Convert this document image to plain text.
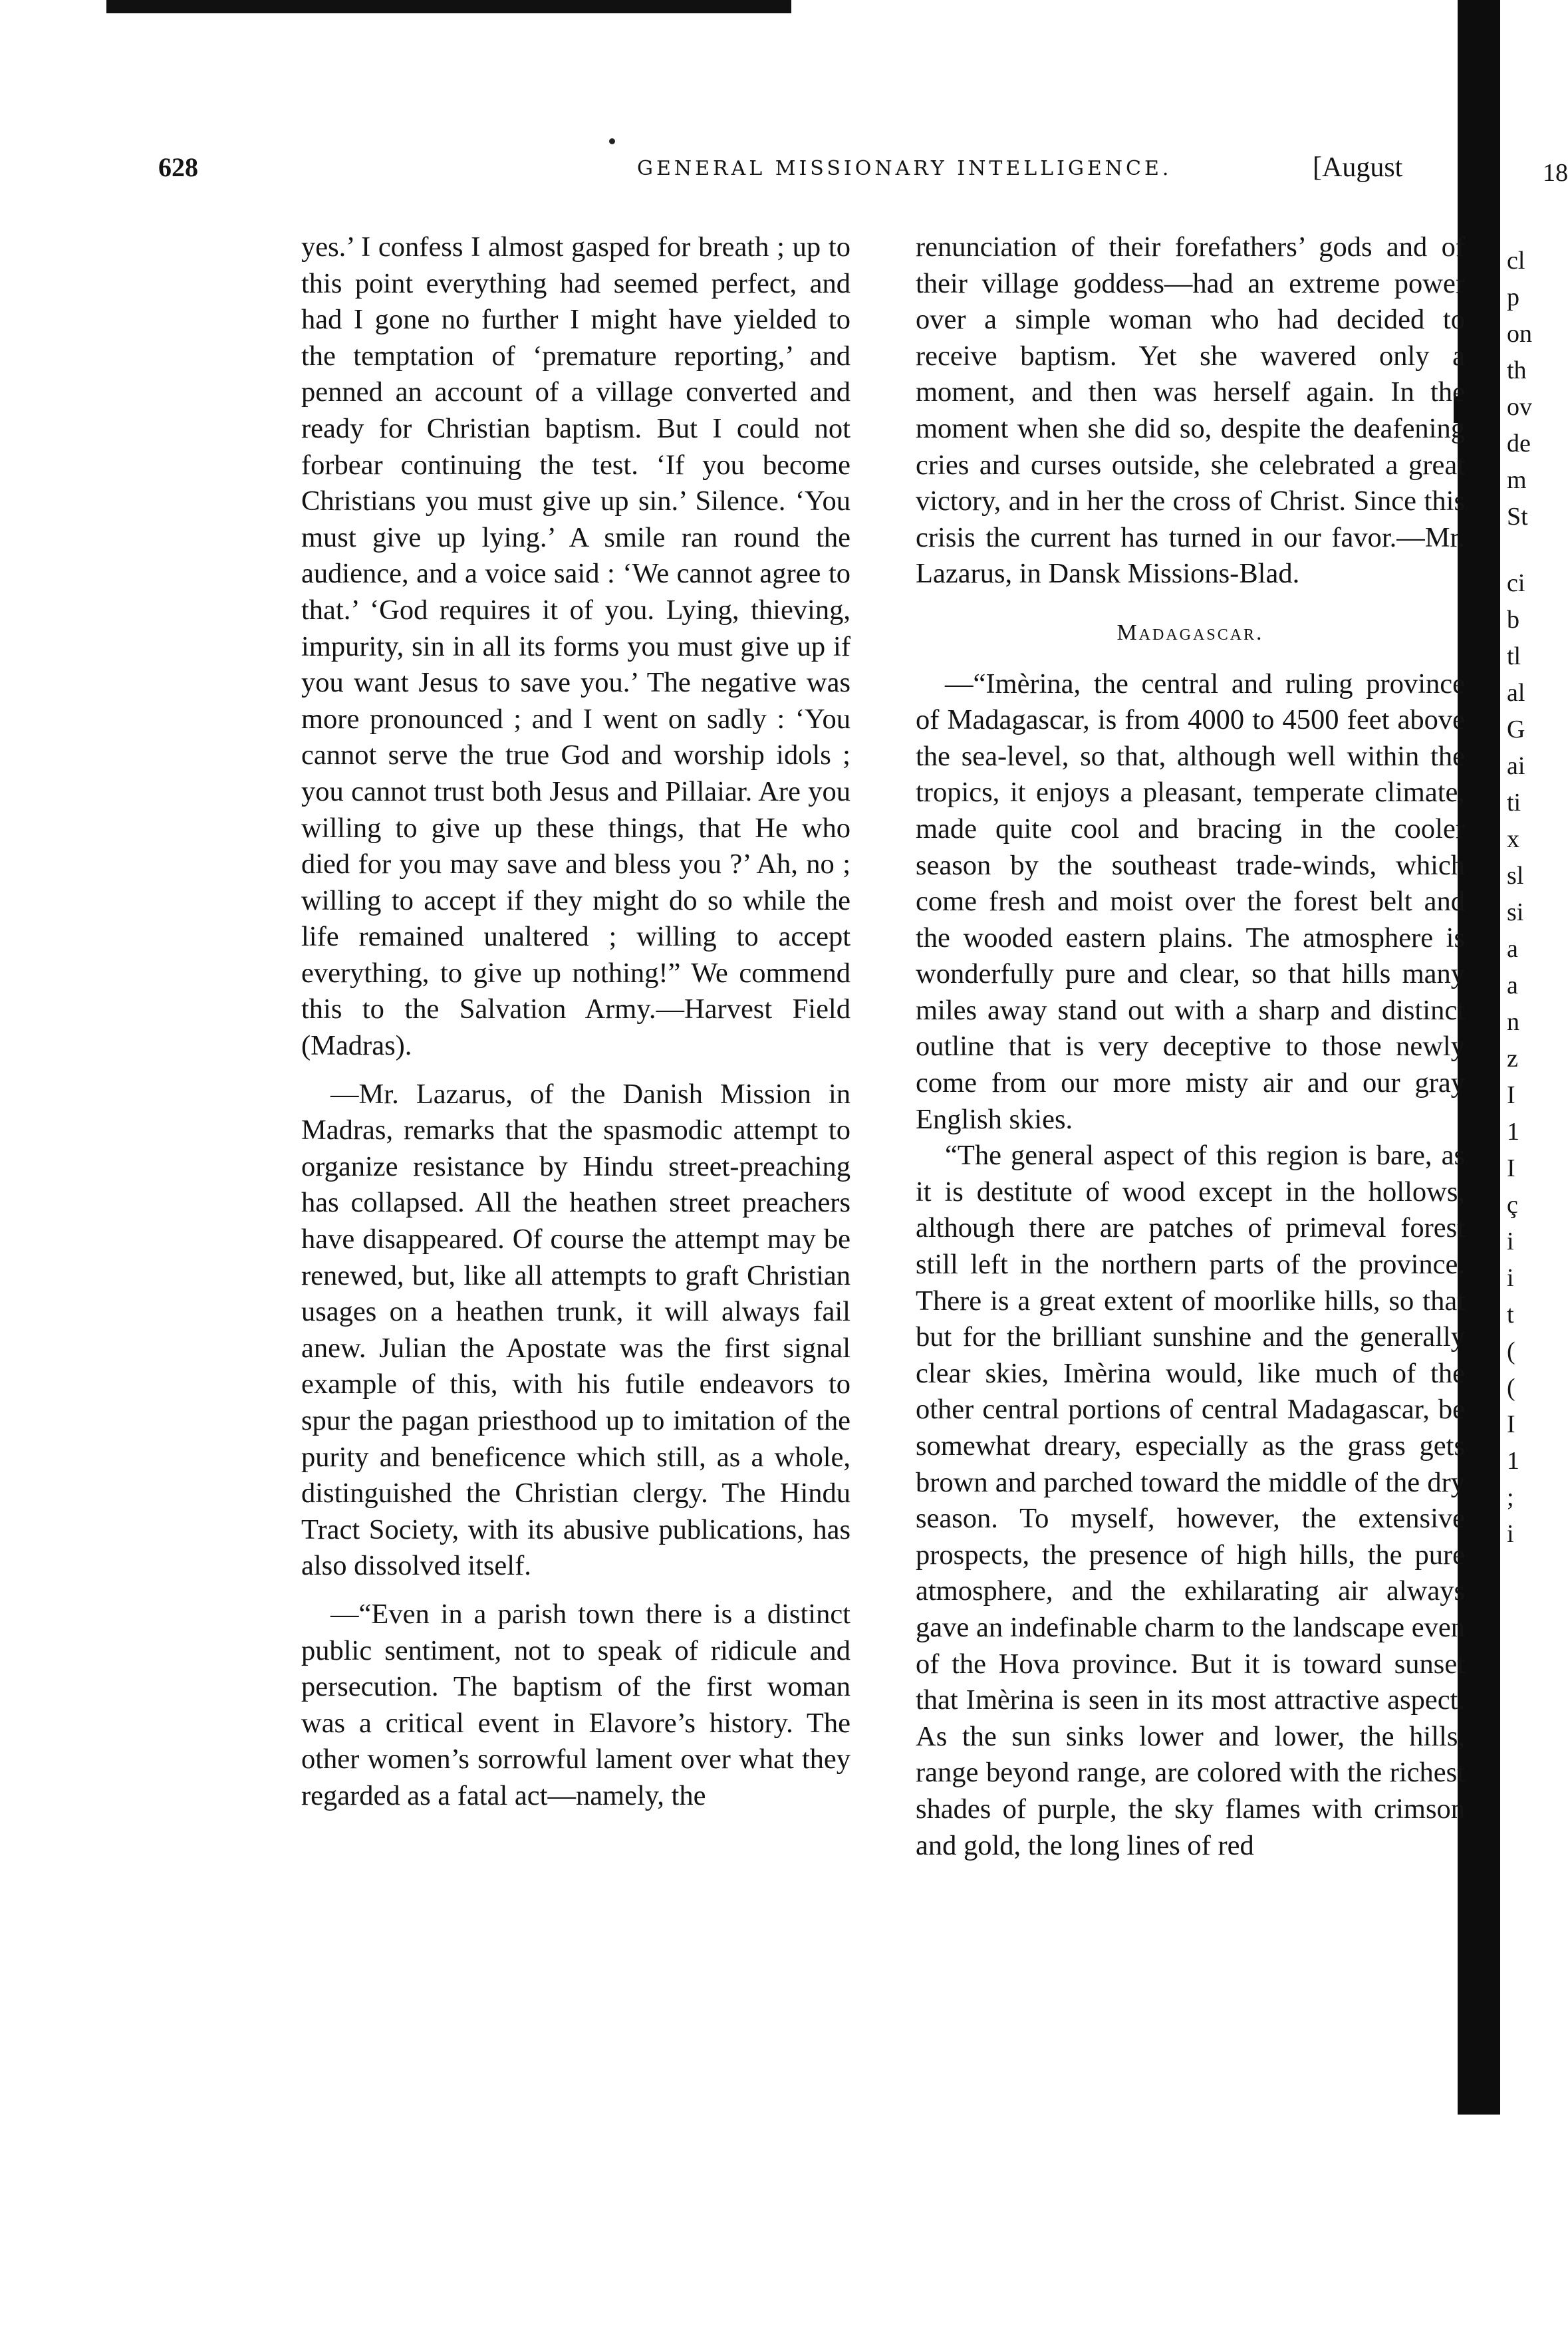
628	GENERAL MISSIONARY INTELLIGENCE.	[August	18

yes.’ I confess I almost gasped for breath ; up to this point everything had seemed perfect, and had I gone no further I might have yielded to the temptation of ‘premature reporting,’ and penned an account of a village converted and ready for Christian baptism. But I could not forbear continuing the test. ‘If you become Christians you must give up sin.’ Silence. ‘You must give up lying.’ A smile ran round the audience, and a voice said : ‘We cannot agree to that.’ ‘God requires it of you. Lying, thieving, impurity, sin in all its forms you must give up if you want Jesus to save you.’ The negative was more pronounced ; and I went on sadly : ‘You cannot serve the true God and worship idols ; you cannot trust both Jesus and Pillaiar. Are you willing to give up these things, that He who died for you may save and bless you ?’ Ah, no ; willing to accept if they might do so while the life remained unaltered ; willing to accept everything, to give up nothing!” We commend this to the Salvation Army.—Harvest Field (Madras).

—Mr. Lazarus, of the Danish Mission in Madras, remarks that the spasmodic attempt to organize resistance by Hindu street-preaching has collapsed. All the heathen street preachers have disappeared. Of course the attempt may be renewed, but, like all attempts to graft Christian usages on a heathen trunk, it will always fail anew. Julian the Apostate was the first signal example of this, with his futile endeavors to spur the pagan priesthood up to imitation of the purity and beneficence which still, as a whole, distinguished the Christian clergy. The Hindu Tract Society, with its abusive publications, has also dissolved itself.

—“Even in a parish town there is a distinct public sentiment, not to speak of ridicule and persecution. The baptism of the first woman was a critical event in Elavore’s history. The other women’s sorrowful lament over what they regarded as a fatal act—namely, the

renunciation of their forefathers’ gods and of their village goddess—had an extreme power over a simple woman who had decided to receive baptism. Yet she wavered only a moment, and then was herself again. In the moment when she did so, despite the deafening cries and curses outside, she celebrated a great victory, and in her the cross of Christ. Since this crisis the current has turned in our favor.—Mr. Lazarus, in Dansk Missions-Blad.

Madagascar.

—“Imèrina, the central and ruling province of Madagascar, is from 4000 to 4500 feet above the sea-level, so that, although well within the tropics, it enjoys a pleasant, temperate climate, made quite cool and bracing in the cooler season by the southeast trade-winds, which come fresh and moist over the forest belt and the wooded eastern plains. The atmosphere is wonderfully pure and clear, so that hills many miles away stand out with a sharp and distinct outline that is very deceptive to those newly come from our more misty air and our gray English skies.

“The general aspect of this region is bare, as it is destitute of wood except in the hollows, although there are patches of primeval forest still left in the northern parts of the province. There is a great extent of moorlike hills, so that but for the brilliant sunshine and the generally clear skies, Imèrina would, like much of the other central portions of central Madagascar, be somewhat dreary, especially as the grass gets brown and parched toward the middle of the dry season. To myself, however, the extensive prospects, the presence of high hills, the pure atmosphere, and the exhilarating air always gave an indefinable charm to the landscape even of the Hova province. But it is toward sunset that Imèrina is seen in its most attractive aspect. As the sun sinks lower and lower, the hills, range beyond range, are colored with the richest shades of purple, the sky flames with crimson and gold, the long lines of red

cl
p
on
th
ov
de
m
St
ci
b
tl
al
G
ai
ti
x
sl
si
a
a
n
z
I
1
I
ç
i
i
t
(
(
I
1
;
i
